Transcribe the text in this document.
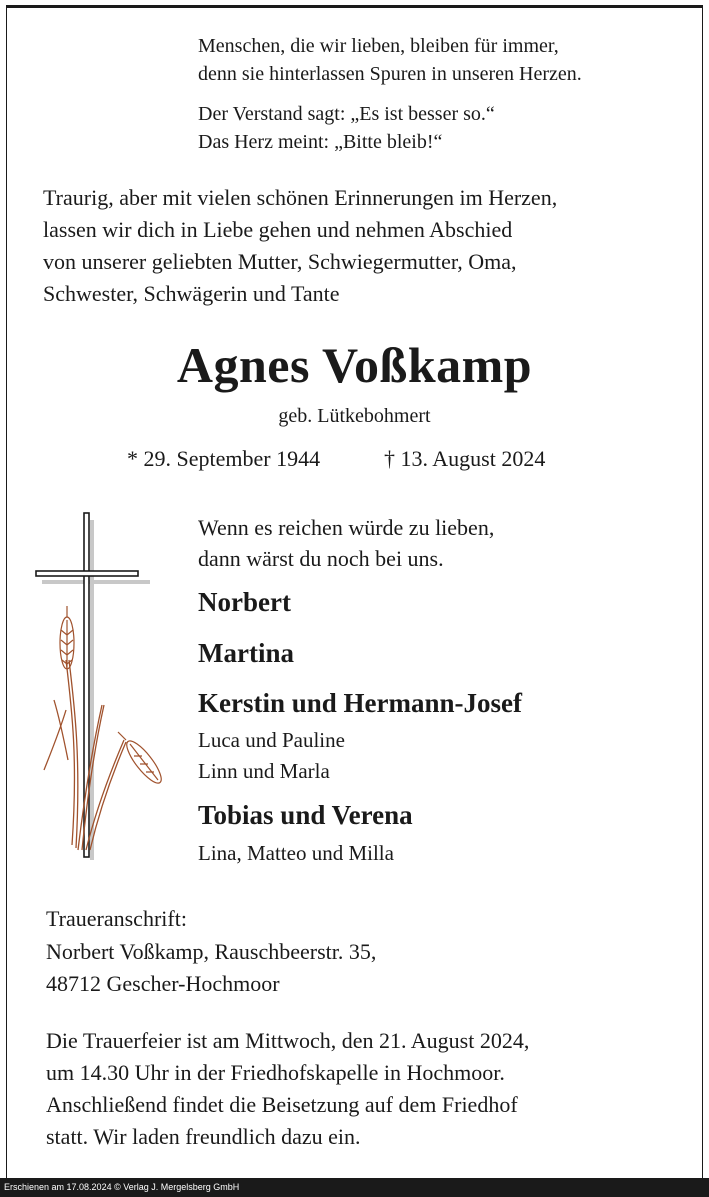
Menschen, die wir lieben, bleiben für immer,
denn sie hinterlassen Spuren in unseren Herzen.
Der Verstand sagt: „Es ist besser so.“
Das Herz meint: „Bitte bleib!“
Traurig, aber mit vielen schönen Erinnerungen im Herzen,
lassen wir dich in Liebe gehen und nehmen Abschied
von unserer geliebten Mutter, Schwiegermutter, Oma,
Schwester, Schwägerin und Tante
Agnes Voßkamp
geb. Lütkebohmert
* 29. September 1944	† 13. August 2024
Wenn es reichen würde zu lieben,
dann wärst du noch bei uns.
Norbert
Martina
Kerstin und Hermann-Josef
Luca und Pauline
Linn und Marla
Tobias und Verena
Lina, Matteo und Milla
Traueranschrift:
Norbert Voßkamp, Rauschbeerstr. 35,
48712 Gescher-Hochmoor
Die Trauerfeier ist am Mittwoch, den 21. August 2024,
um 14.30 Uhr in der Friedhofskapelle in Hochmoor.
Anschließend findet die Beisetzung auf dem Friedhof
statt. Wir laden freundlich dazu ein.
Erschienen am 17.08.2024 © Verlag J. Mergelsberg GmbH
